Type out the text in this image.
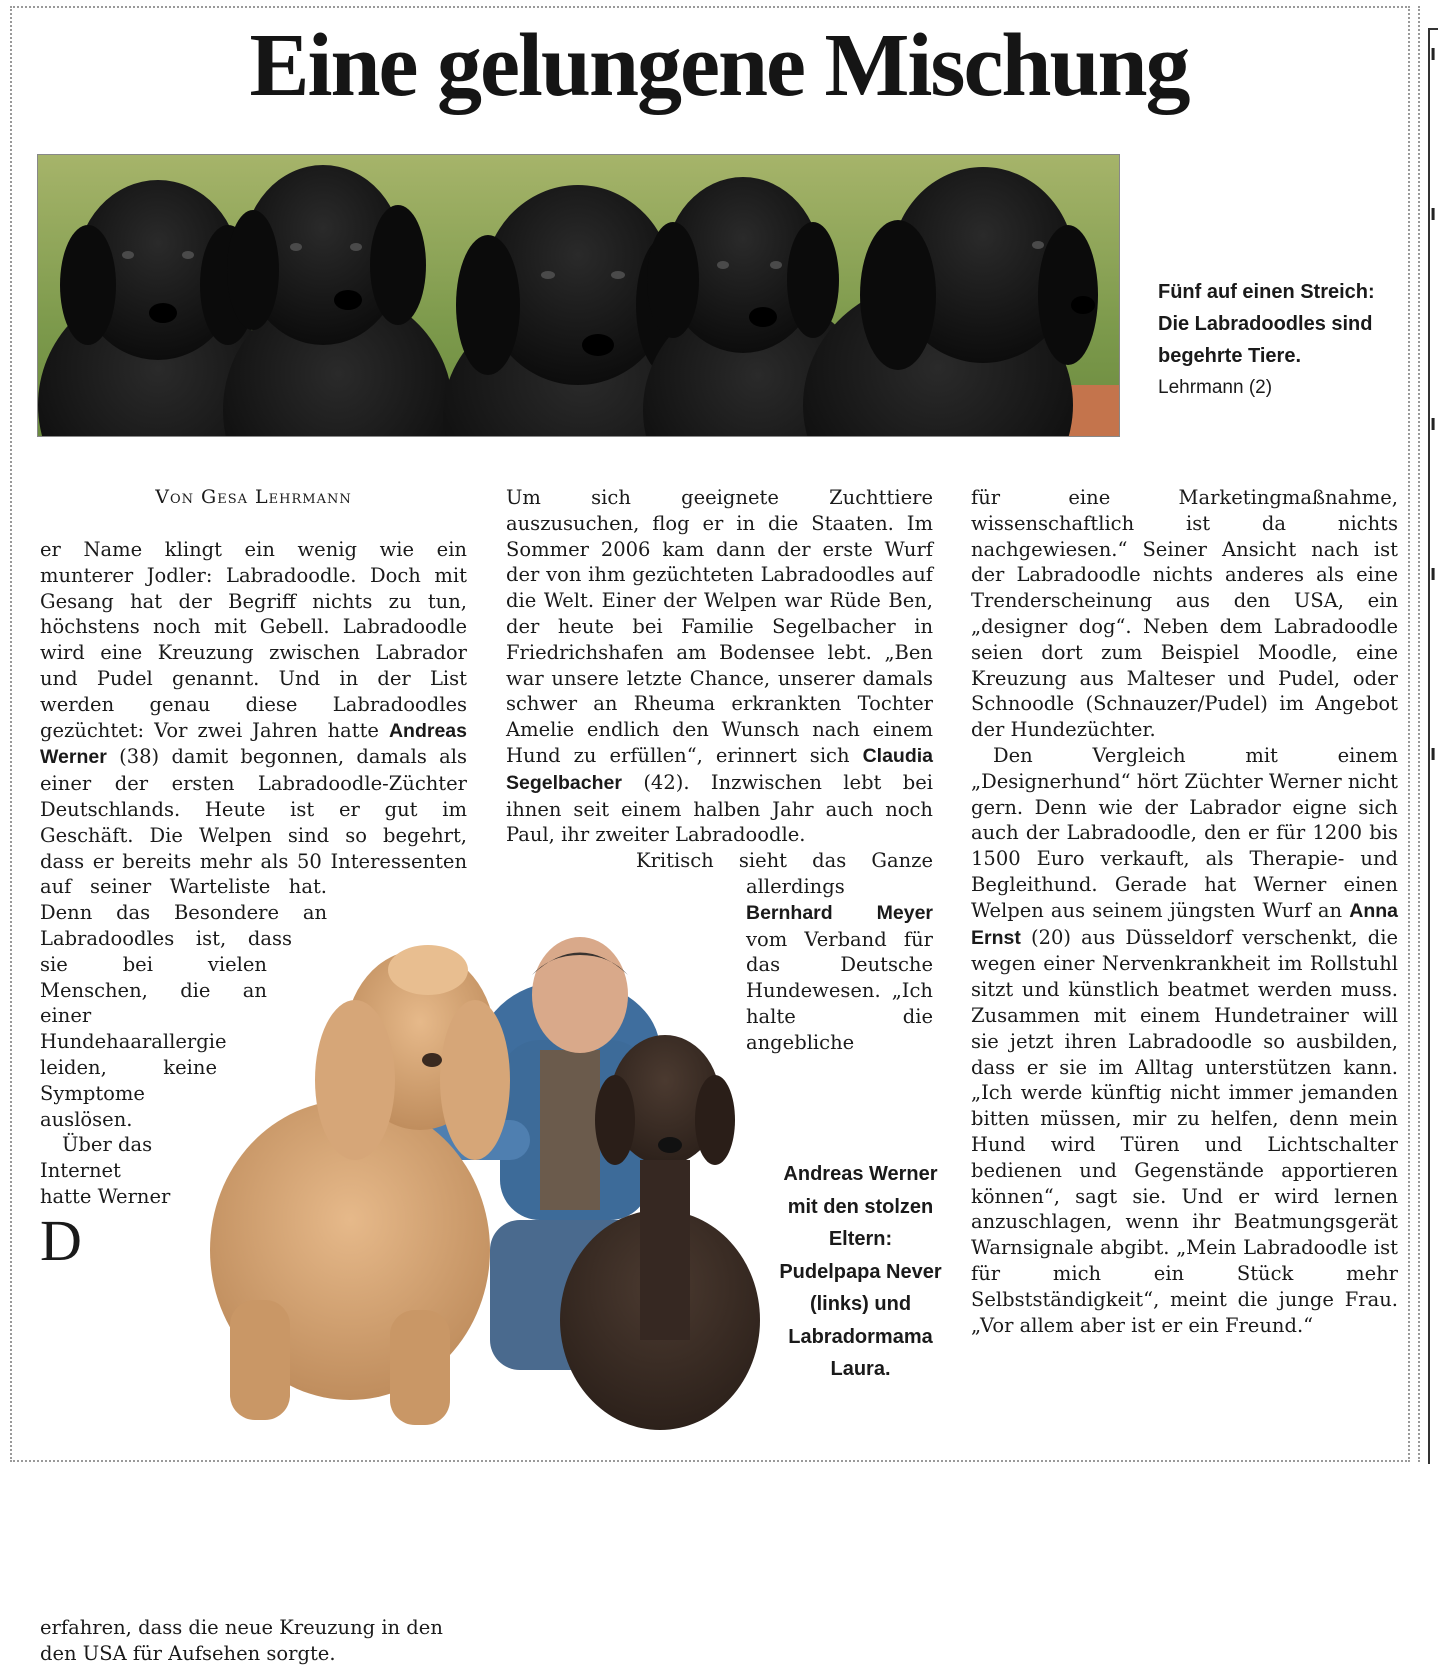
Eine gelungene Mischung
Fünf auf einen Streich: Die Labradoodles sind begehrte Tiere.
Lehrmann (2)
Von Gesa Lehrmann

D
er Name klingt ein wenig wie ein munterer Jodler: Labradoodle. Doch mit Gesang hat der Begriff nichts zu tun, höchstens noch mit Gebell. Labradoodle wird eine Kreuzung zwischen Labrador und Pudel genannt. Und in der List werden genau diese Labradoodles gezüchtet: Vor zwei Jahren hatte Andreas Werner (38) damit begonnen, damals als einer der ersten Labradoodle-Züchter Deutschlands. Heute ist er gut im Geschäft. Die Welpen sind so begehrt, dass er bereits mehr als 50 Interessenten auf seiner Warteliste hat. Denn das Besondere an Labradoodles ist, dass sie bei vielen Menschen, die an einer Hundehaarallergie leiden, keine Symptome auslösen.

Über das Internet hatte Werner erfahren, dass die neue Kreuzung in den den USA für Aufsehen sorgte.

Um sich geeignete Zuchttiere auszusuchen, flog er in die Staaten. Im Sommer 2006 kam dann der erste Wurf der von ihm gezüchteten Labradoodles auf die Welt. Einer der Welpen war Rüde Ben, der heute bei Familie Segelbacher in Friedrichshafen am Bodensee lebt. „Ben war unsere letzte Chance, unserer damals schwer an Rheuma erkrankten Tochter Amelie endlich den Wunsch nach einem Hund zu erfüllen“, erinnert sich Claudia Segelbacher (42). Inzwischen lebt bei ihnen seit einem halben Jahr auch noch Paul, ihr zweiter Labradoodle.

Kritisch sieht das Ganze allerdings Bernhard Meyer vom Verband für das Deutsche Hundewesen. „Ich halte die angebliche

für eine Marketingmaßnahme, wissenschaftlich ist da nichts nachgewiesen.“ Seiner Ansicht nach ist der Labradoodle nichts anderes als eine Trenderscheinung aus den USA, ein „designer dog“. Neben dem Labradoodle seien dort zum Beispiel Moodle, eine Kreuzung aus Malteser und Pudel, oder Schnoodle (Schnauzer/Pudel) im Angebot der Hundezüchter.

Den Vergleich mit einem „Designerhund“ hört Züchter Werner nicht gern. Denn wie der Labrador eigne sich auch der Labradoodle, den er für 1200 bis 1500 Euro verkauft, als Therapie- und Begleithund. Gerade hat Werner einen Welpen aus seinem jüngsten Wurf an Anna Ernst (20) aus Düsseldorf verschenkt, die wegen einer Nervenkrankheit im Rollstuhl sitzt und künstlich beatmet werden muss. Zusammen mit einem Hundetrainer will sie jetzt ihren Labradoodle so ausbilden, dass er sie im Alltag unterstützen kann. „Ich werde künftig nicht immer jemanden bitten müssen, mir zu helfen, denn mein Hund wird Türen und Lichtschalter bedienen und Gegenstände apportieren können“, sagt sie. Und er wird lernen anzuschlagen, wenn ihr Beatmungsgerät Warnsignale abgibt. „Mein Labradoodle ist für mich ein Stück mehr Selbstständigkeit“, meint die junge Frau. „Vor allem aber ist er ein Freund.“

Andreas Werner mit den stolzen Eltern: Pudelpapa Never (links) und Labradormama Laura.
ı
ı
ı
ı
ı
